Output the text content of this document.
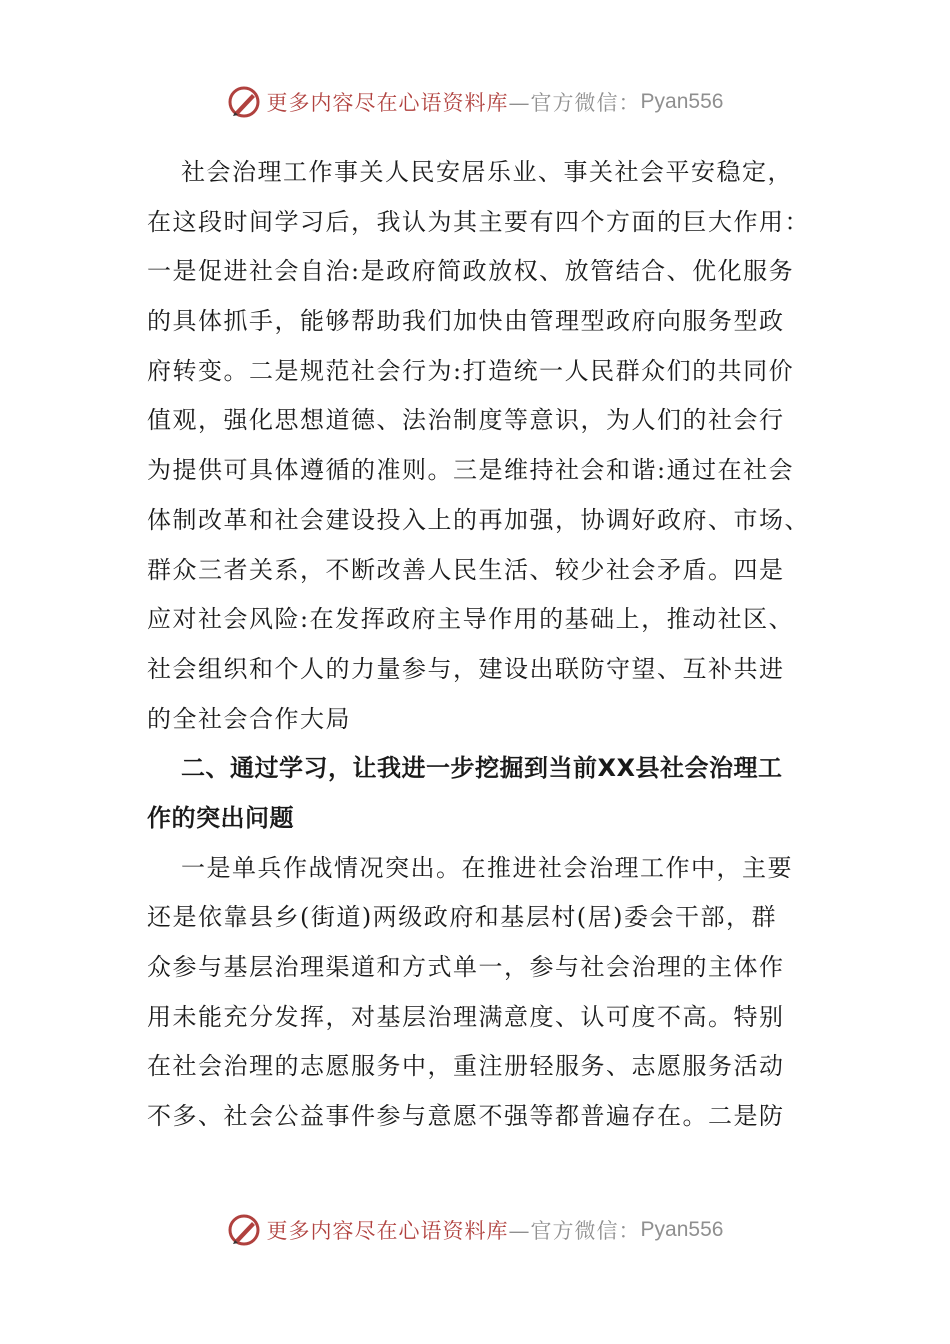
更多内容尽在心语资料库 —官方微信： Pyan556
社会治理工作事关人民安居乐业、事关社会平安稳定，
在这段时间学习后，我认为其主要有四个方面的巨大作用：
一是促进社会自治:是政府简政放权、放管结合、优化服务
的具体抓手，能够帮助我们加快由管理型政府向服务型政
府转变。二是规范社会行为:打造统一人民群众们的共同价
值观，强化思想道德、法治制度等意识，为人们的社会行
为提供可具体遵循的准则。三是维持社会和谐:通过在社会
体制改革和社会建设投入上的再加强，协调好政府、市场、
群众三者关系，不断改善人民生活、较少社会矛盾。四是
应对社会风险:在发挥政府主导作用的基础上，推动社区、
社会组织和个人的力量参与，建设出联防守望、互补共进
的全社会合作大局
二、通过学习，让我进一步挖掘到当前XX县社会治理工
作的突出问题
一是单兵作战情况突出。在推进社会治理工作中，主要
还是依靠县乡(街道)两级政府和基层村(居)委会干部，群
众参与基层治理渠道和方式单一，参与社会治理的主体作
用未能充分发挥，对基层治理满意度、认可度不高。特别
在社会治理的志愿服务中，重注册轻服务、志愿服务活动
不多、社会公益事件参与意愿不强等都普遍存在。二是防
更多内容尽在心语资料库 —官方微信： Pyan556
